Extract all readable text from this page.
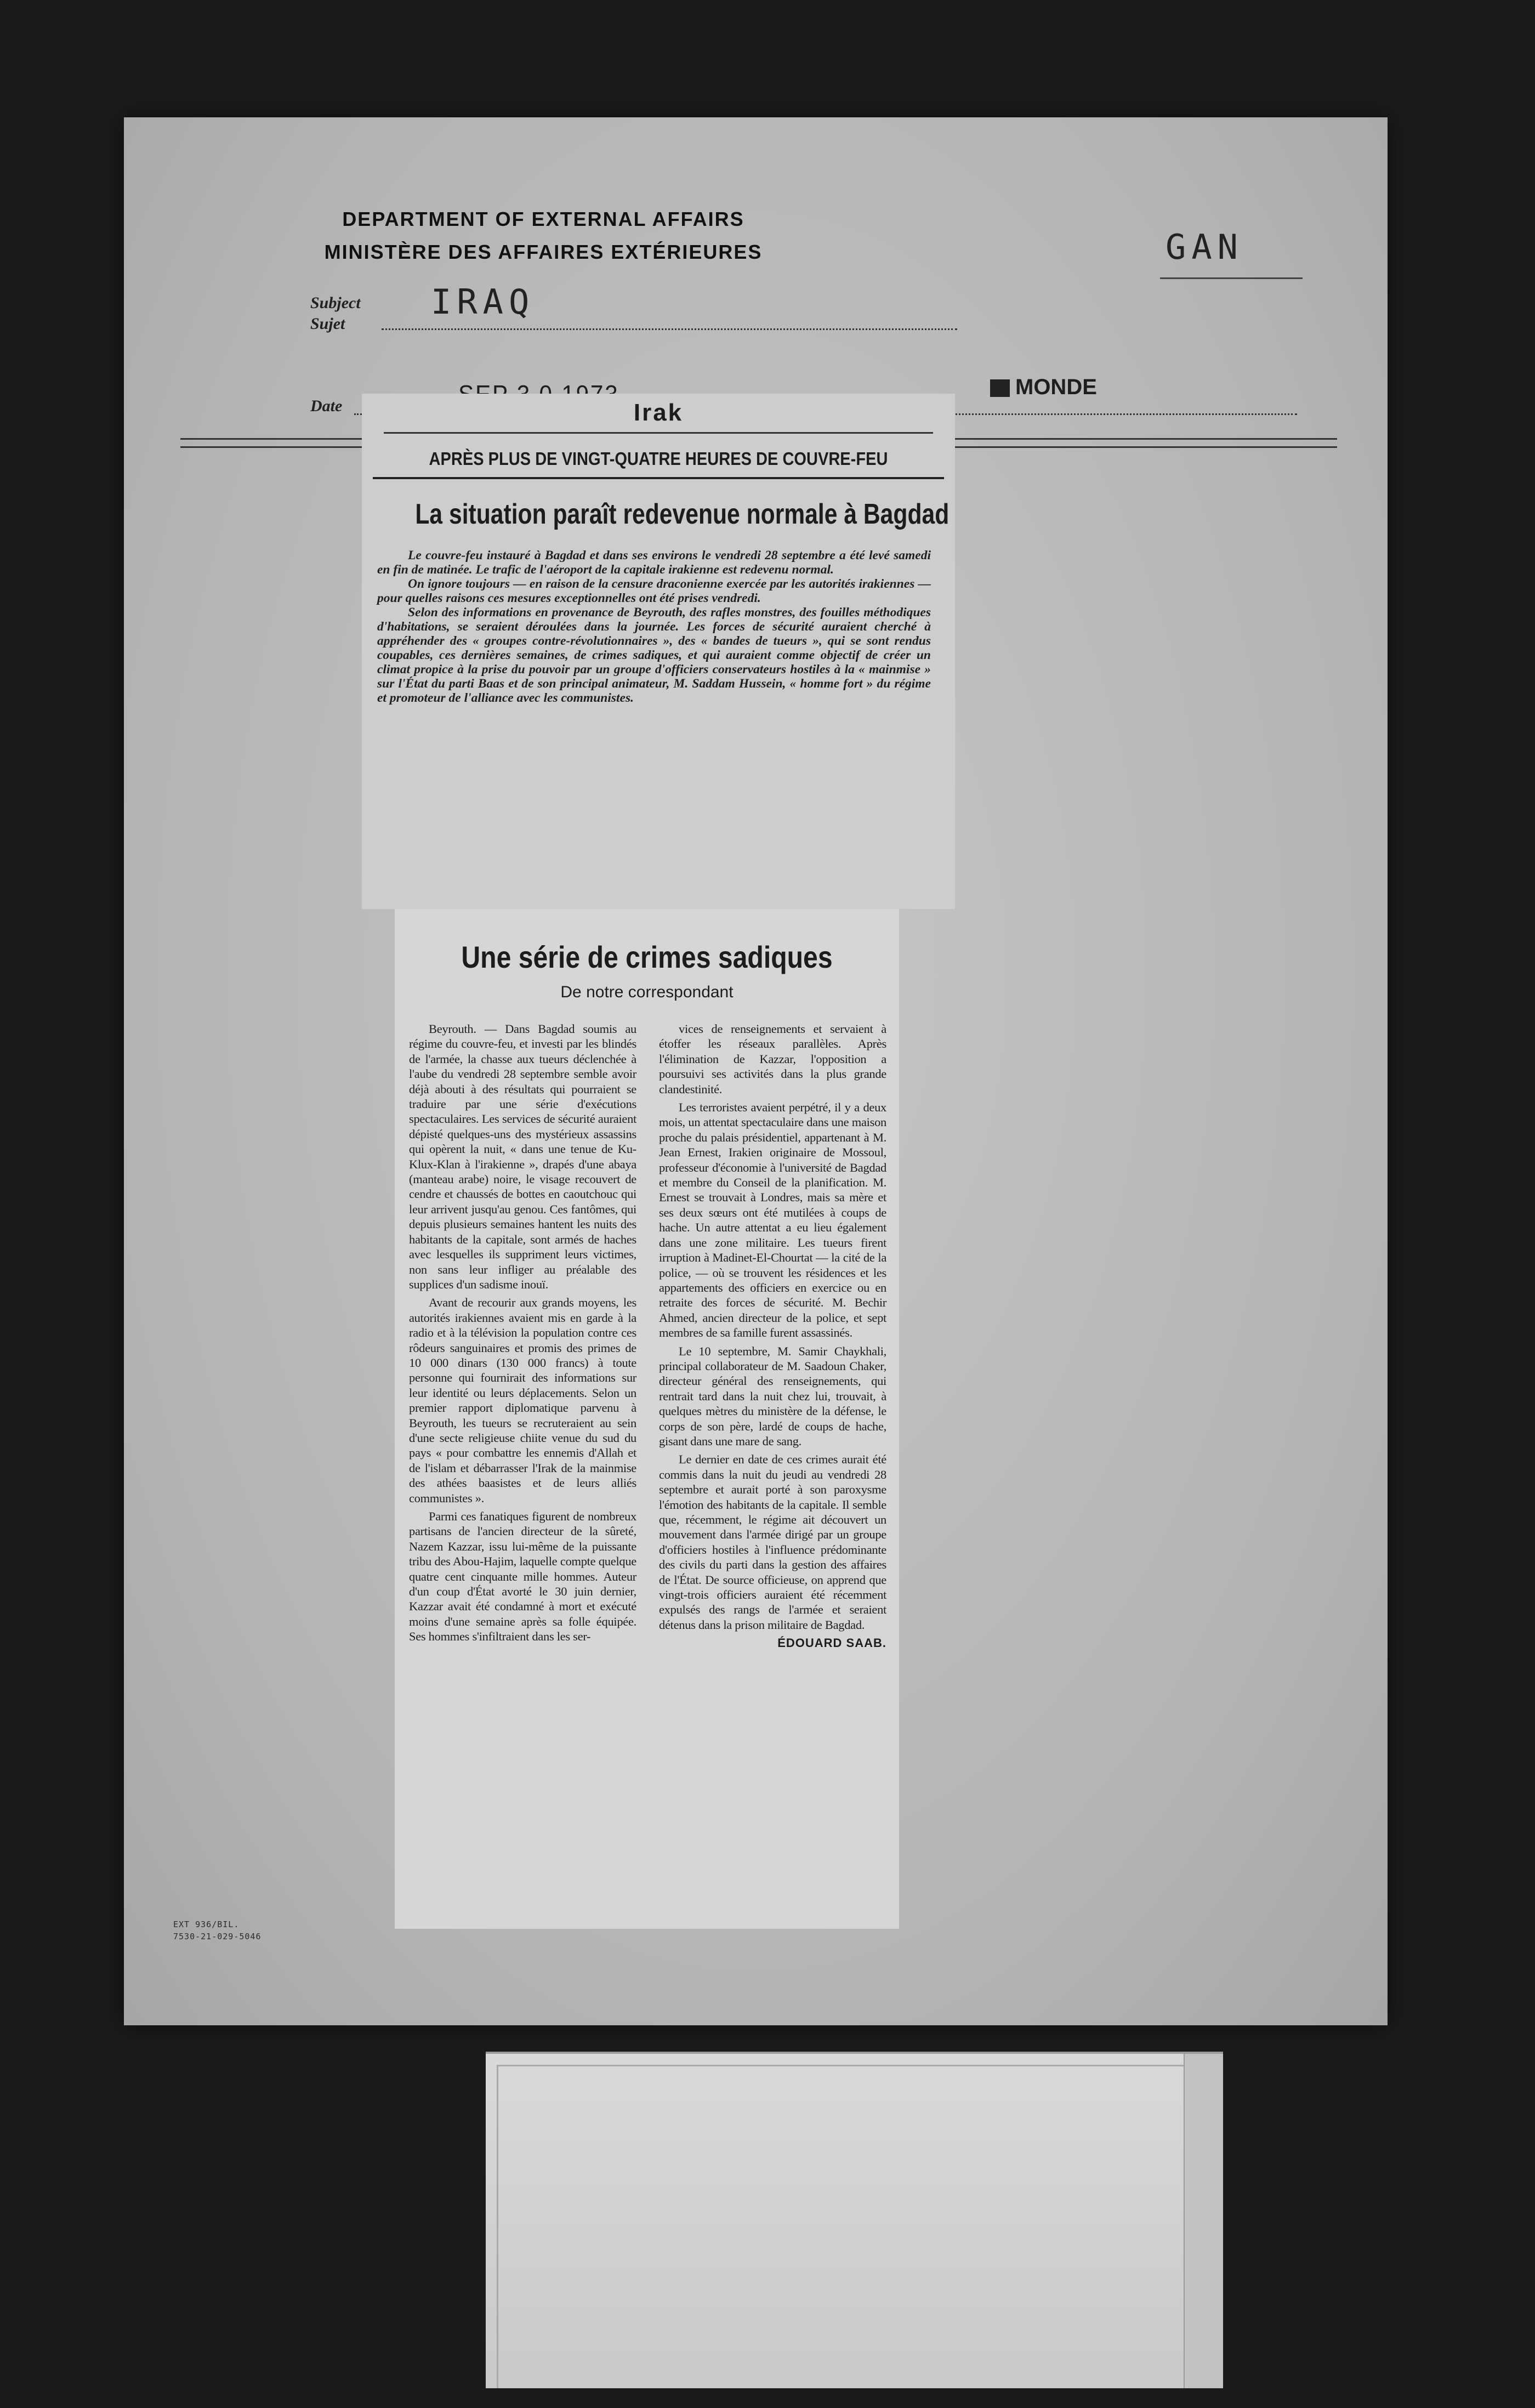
DEPARTMENT OF EXTERNAL AFFAIRS
MINISTÈRE DES AFFAIRES EXTÉRIEURES	GAN
Subject
Sujet
IRAQ
Date
MONDE
EXT 936/BIL.
7530-21-029-5046
Irak
APRÈS PLUS DE VINGT-QUATRE HEURES DE COUVRE-FEU
La situation paraît redevenue normale à Bagdad

Le couvre-feu instauré à Bagdad et dans ses environs le vendredi 28 septembre a été levé samedi en fin de matinée. Le trafic de l'aéroport de la capitale irakienne est redevenu normal.

On ignore toujours — en raison de la censure draconienne exercée par les autorités irakiennes — pour quelles raisons ces mesures exceptionnelles ont été prises vendredi.

Selon des informations en provenance de Beyrouth, des rafles monstres, des fouilles méthodiques d'habitations, se seraient déroulées dans la journée. Les forces de sécurité auraient cherché à appréhender des « groupes contre-révolutionnaires », des « bandes de tueurs », qui se sont rendus coupables, ces dernières semaines, de crimes sadiques, et qui auraient comme objectif de créer un climat propice à la prise du pouvoir par un groupe d'officiers conservateurs hostiles à la « mainmise » sur l'État du parti Baas et de son principal animateur, M. Saddam Hussein, « homme fort » du régime et promoteur de l'alliance avec les communistes.

Une série de crimes sadiques
De notre correspondant

Beyrouth. — Dans Bagdad soumis au régime du couvre-feu, et investi par les blindés de l'armée, la chasse aux tueurs déclenchée à l'aube du vendredi 28 septembre semble avoir déjà abouti à des résultats qui pourraient se traduire par une série d'exécutions spectaculaires. Les services de sécurité auraient dépisté quelques-uns des mystérieux assassins qui opèrent la nuit, « dans une tenue de Ku-Klux-Klan à l'irakienne », drapés d'une abaya (manteau arabe) noire, le visage recouvert de cendre et chaussés de bottes en caoutchouc qui leur arrivent jusqu'au genou. Ces fantômes, qui depuis plusieurs semaines hantent les nuits des habitants de la capitale, sont armés de haches avec lesquelles ils suppriment leurs victimes, non sans leur infliger au préalable des supplices d'un sadisme inouï.

Avant de recourir aux grands moyens, les autorités irakiennes avaient mis en garde à la radio et à la télévision la population contre ces rôdeurs sanguinaires et promis des primes de 10 000 dinars (130 000 francs) à toute personne qui fournirait des informations sur leur identité ou leurs déplacements. Selon un premier rapport diplomatique parvenu à Beyrouth, les tueurs se recruteraient au sein d'une secte religieuse chiite venue du sud du pays « pour combattre les ennemis d'Allah et de l'islam et débarrasser l'Irak de la mainmise des athées baasistes et de leurs alliés communistes ».

Parmi ces fanatiques figurent de nombreux partisans de l'ancien directeur de la sûreté, Nazem Kazzar, issu lui-même de la puissante tribu des Abou-Hajim, laquelle compte quelque quatre cent cinquante mille hommes. Auteur d'un coup d'État avorté le 30 juin dernier, Kazzar avait été condamné à mort et exécuté moins d'une semaine après sa folle équipée. Ses hommes s'infiltraient dans les ser-

vices de renseignements et servaient à étoffer les réseaux parallèles. Après l'élimination de Kazzar, l'opposition a poursuivi ses activités dans la plus grande clandestinité.

Les terroristes avaient perpétré, il y a deux mois, un attentat spectaculaire dans une maison proche du palais présidentiel, appartenant à M. Jean Ernest, Irakien originaire de Mossoul, professeur d'économie à l'université de Bagdad et membre du Conseil de la planification. M. Ernest se trouvait à Londres, mais sa mère et ses deux sœurs ont été mutilées à coups de hache. Un autre attentat a eu lieu également dans une zone militaire. Les tueurs firent irruption à Madinet-El-Chourtat — la cité de la police, — où se trouvent les résidences et les appartements des officiers en exercice ou en retraite des forces de sécurité. M. Bechir Ahmed, ancien directeur de la police, et sept membres de sa famille furent assassinés.

Le 10 septembre, M. Samir Chaykhali, principal collaborateur de M. Saadoun Chaker, directeur général des renseignements, qui rentrait tard dans la nuit chez lui, trouvait, à quelques mètres du ministère de la défense, le corps de son père, lardé de coups de hache, gisant dans une mare de sang.

Le dernier en date de ces crimes aurait été commis dans la nuit du jeudi au vendredi 28 septembre et aurait porté à son paroxysme l'émotion des habitants de la capitale. Il semble que, récemment, le régime ait découvert un mouvement dans l'armée dirigé par un groupe d'officiers hostiles à l'influence prédominante des civils du parti dans la gestion des affaires de l'État. De source officieuse, on apprend que vingt-trois officiers auraient été récemment expulsés des rangs de l'armée et seraient détenus dans la prison militaire de Bagdad.

ÉDOUARD SAAB.
